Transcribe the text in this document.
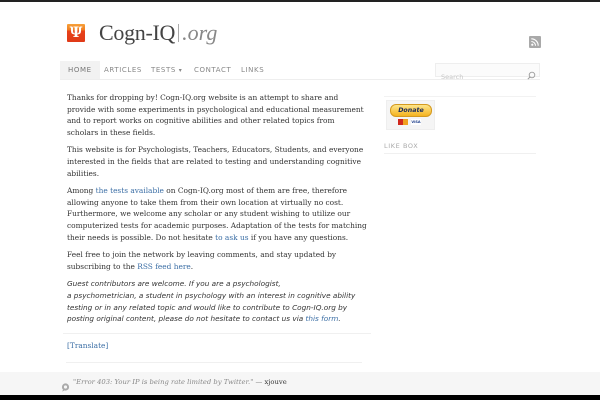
Ψ Cogn-IQ .org
HOME	ARTICLES TESTS ▾ CONTACT LINKS
Search

Thanks for dropping by! Cogn-IQ.org website is an attempt to share and provide with some experiments in psychological and educational measurement and to report works on cognitive abilities and other related topics from scholars in these fields.

This website is for Psychologists, Teachers, Educators, Students, and everyone interested in the fields that are related to testing and understanding cognitive abilities.

Among the tests available on Cogn-IQ.org most of them are free, therefore allowing anyone to take them from their own location at virtually no cost. Furthermore, we welcome any scholar or any student wishing to utilize our computerized tests for academic purposes. Adaptation of the tests for matching their needs is possible. Do not hesitate to ask us if you have any questions.

Feel free to join the network by leaving comments, and stay updated by subscribing to the RSS feed here.

Guest contributors are welcome. If you are a psychologist,
a psychometrician, a student in psychology with an interest in cognitive ability testing or in any related topic and would like to contribute to Cogn-IQ.org by posting original content, please do not hesitate to contact us via this form.

[Translate]
Donate
VISA
LIKE BOX
"Error 403: Your IP is being rate limited by Twitter." — xjouve
